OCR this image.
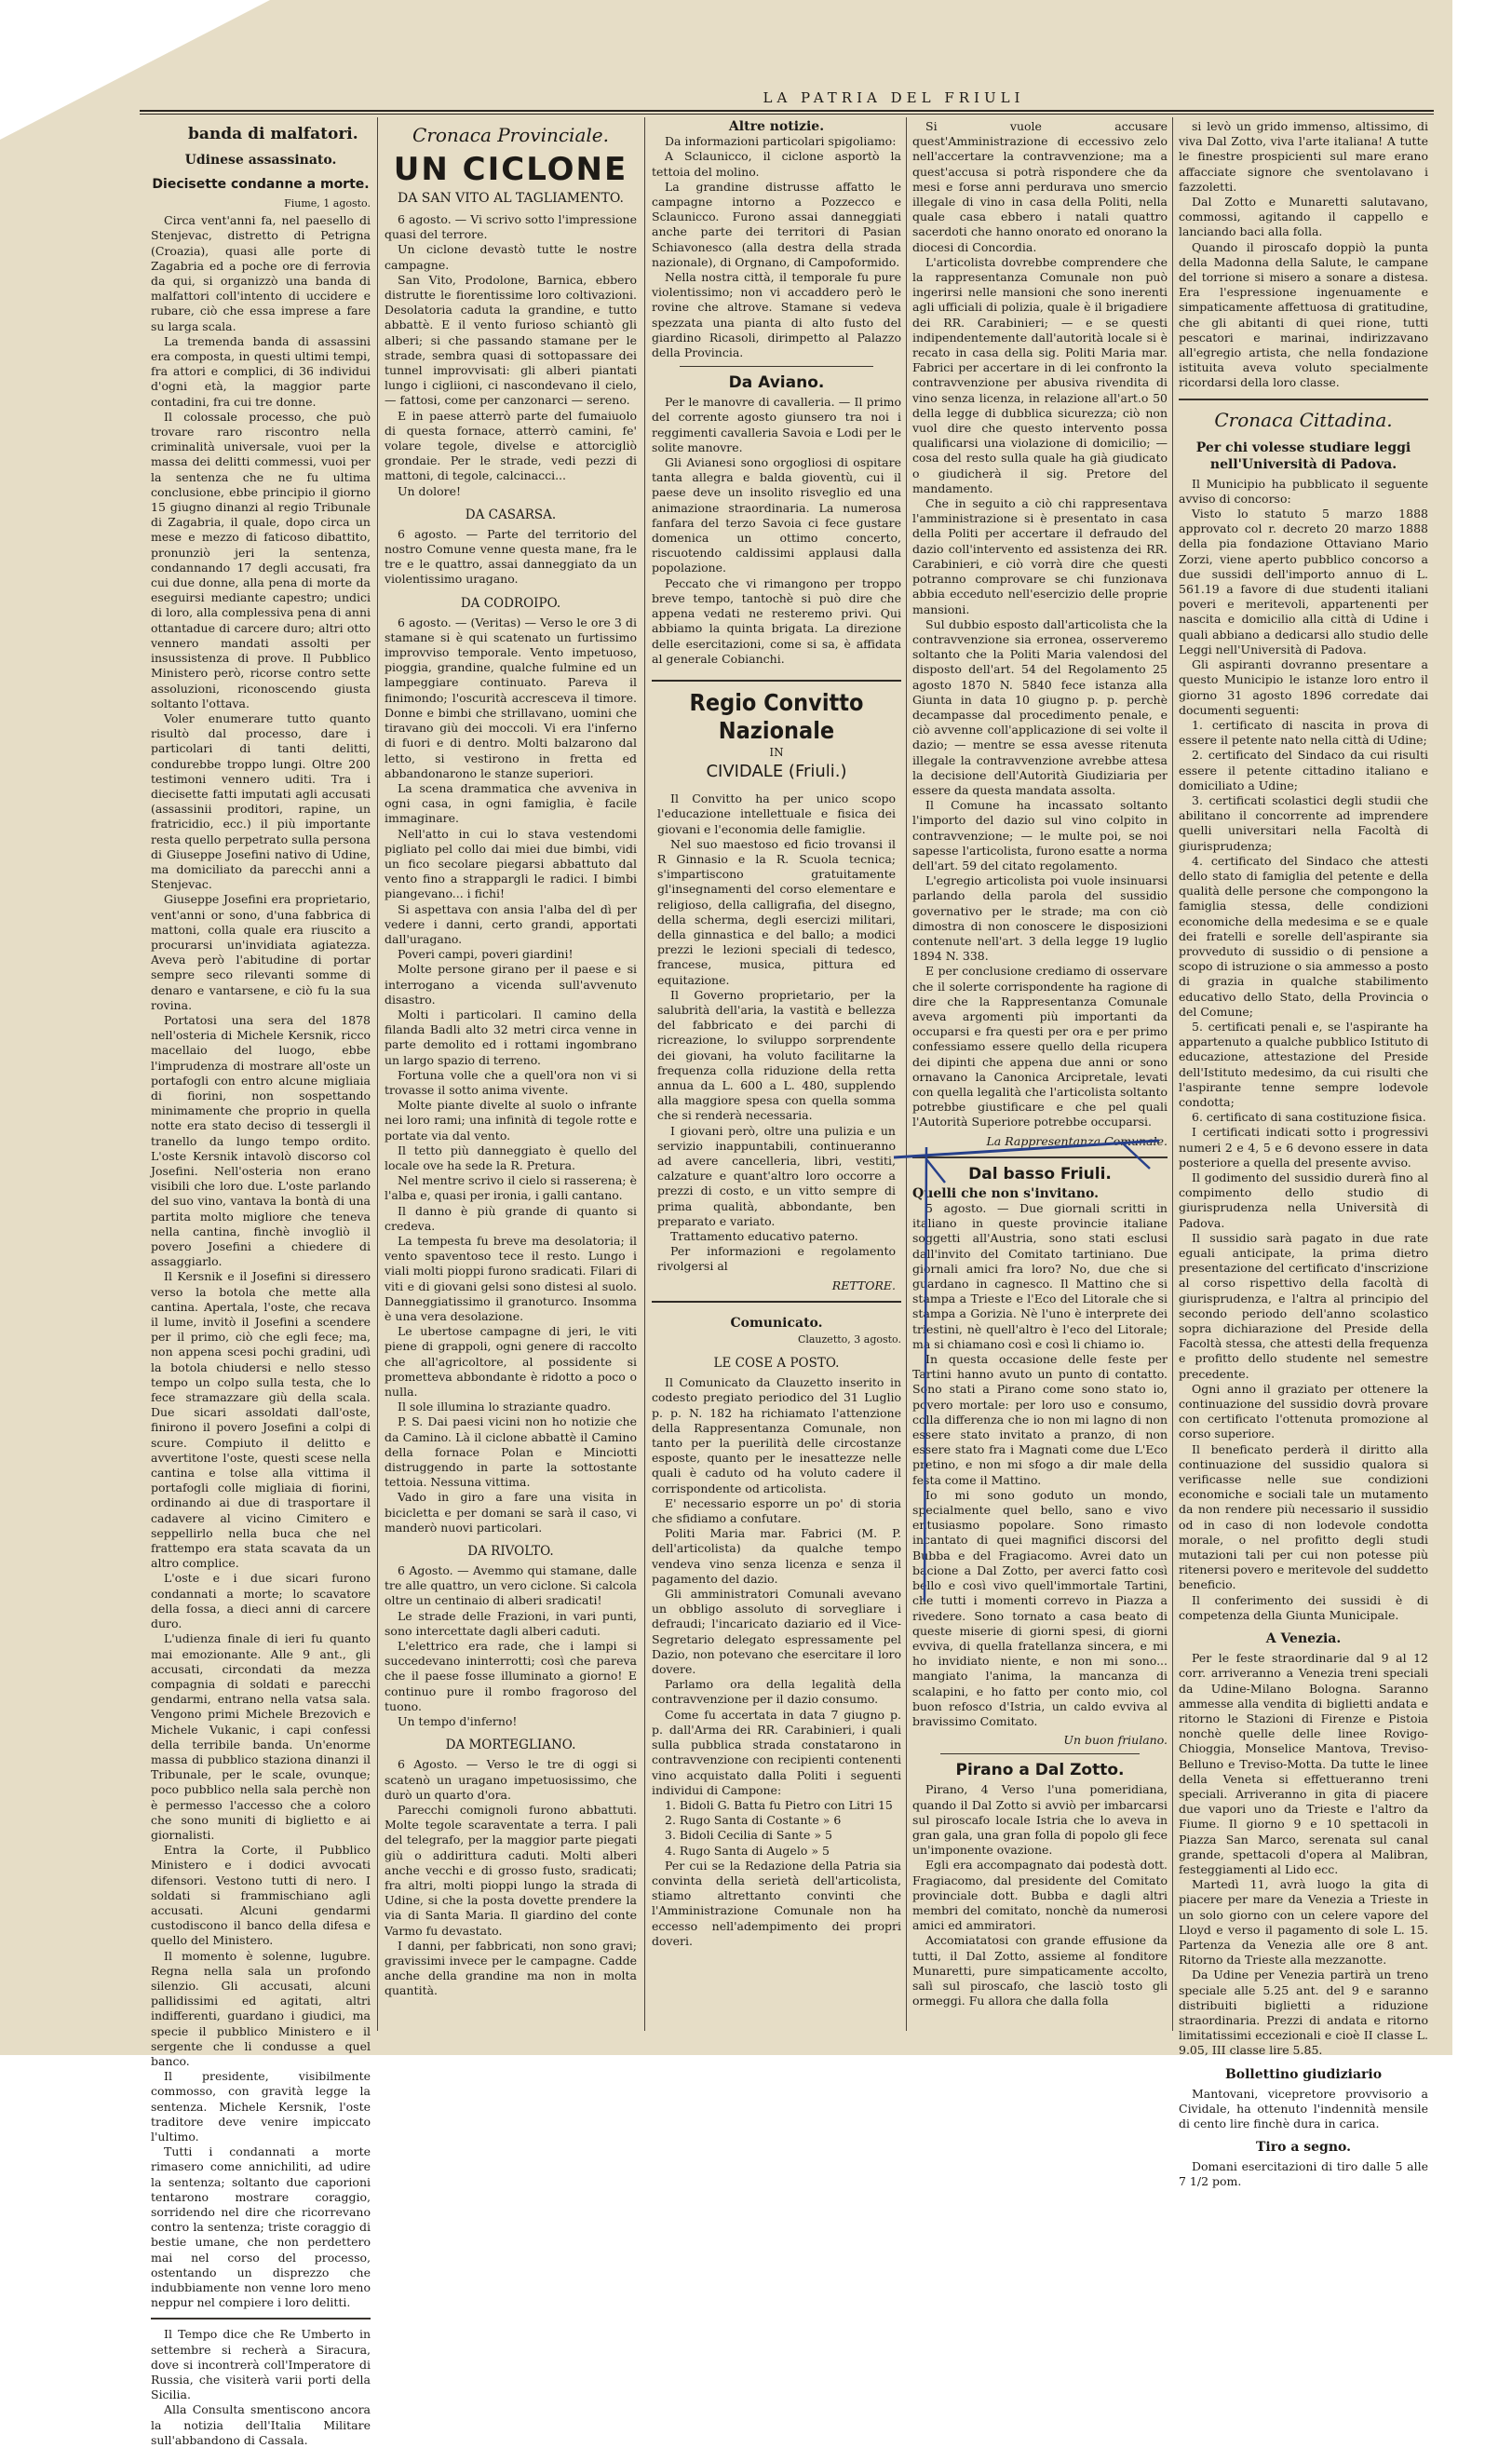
LA PATRIA DEL FRIULI
banda di malfatori.
Udinese assassinato.
Diecisette condanne a morte.

Fiume, 1 agosto.

Circa vent'anni fa, nel paesello di Stenjevac, distretto di Petrigna (Croazia), quasi alle porte di Zagabria ed a poche ore di ferrovia da qui, si organizzò una banda di malfattori coll'intento di uccidere e rubare, ciò che essa imprese a fare su larga scala.

La tremenda banda di assassini era composta, in questi ultimi tempi, fra attori e complici, di 36 individui d'ogni età, la maggior parte contadini, fra cui tre donne.

Il colossale processo, che può trovare raro riscontro nella criminalità universale, vuoi per la massa dei delitti commessi, vuoi per la sentenza che ne fu ultima conclusione, ebbe principio il giorno 15 giugno dinanzi al regio Tribunale di Zagabria, il quale, dopo circa un mese e mezzo di faticoso dibattito, pronunziò jeri la sentenza, condannando 17 degli accusati, fra cui due donne, alla pena di morte da eseguirsi mediante capestro; undici di loro, alla complessiva pena di anni ottantadue di carcere duro; altri otto vennero mandati assolti per insussistenza di prove. Il Pubblico Ministero però, ricorse contro sette assoluzioni, riconoscendo giusta soltanto l'ottava.

Voler enumerare tutto quanto risultò dal processo, dare i particolari di tanti delitti, condurebbe troppo lungi. Oltre 200 testimoni vennero uditi. Tra i diecisette fatti imputati agli accusati (assassinii proditori, rapine, un fratricidio, ecc.) il più importante resta quello perpetrato sulla persona di Giuseppe Josefini nativo di Udine, ma domiciliato da parecchi anni a Stenjevac.

Giuseppe Josefini era proprietario, vent'anni or sono, d'una fabbrica di mattoni, colla quale era riuscito a procurarsi un'invidiata agiatezza. Aveva però l'abitudine di portar sempre seco rilevanti somme di denaro e vantarsene, e ciò fu la sua rovina.

Portatosi una sera del 1878 nell'osteria di Michele Kersnik, ricco macellaio del luogo, ebbe l'imprudenza di mostrare all'oste un portafogli con entro alcune migliaia di fiorini, non sospettando minimamente che proprio in quella notte era stato deciso di tessergli il tranello da lungo tempo ordito. L'oste Kersnik intavolò discorso col Josefini. Nell'osteria non erano visibili che loro due. L'oste parlando del suo vino, vantava la bontà di una partita molto migliore che teneva nella cantina, finchè invogliò il povero Josefini a chiedere di assaggiarlo.

Il Kersnik e il Josefini si diressero verso la botola che mette alla cantina. Apertala, l'oste, che recava il lume, invitò il Josefini a scendere per il primo, ciò che egli fece; ma, non appena scesi pochi gradini, udì la botola chiudersi e nello stesso tempo un colpo sulla testa, che lo fece stramazzare giù della scala. Due sicari assoldati dall'oste, finirono il povero Josefini a colpi di scure. Compiuto il delitto e avvertitone l'oste, questi scese nella cantina e tolse alla vittima il portafogli colle migliaia di fiorini, ordinando ai due di trasportare il cadavere al vicino Cimitero e seppellirlo nella buca che nel frattempo era stata scavata da un altro complice.

L'oste e i due sicari furono condannati a morte; lo scavatore della fossa, a dieci anni di carcere duro.

L'udienza finale di ieri fu quanto mai emozionante. Alle 9 ant., gli accusati, circondati da mezza compagnia di soldati e parecchi gendarmi, entrano nella vatsa sala. Vengono primi Michele Brezovich e Michele Vukanic, i capi confessi della terribile banda. Un'enorme massa di pubblico staziona dinanzi il Tribunale, per le scale, ovunque; poco pubblico nella sala perchè non è permesso l'accesso che a coloro che sono muniti di biglietto e ai giornalisti.

Entra la Corte, il Pubblico Ministero e i dodici avvocati difensori. Vestono tutti di nero. I soldati si frammischiano agli accusati. Alcuni gendarmi custodiscono il banco della difesa e quello del Ministero.

Il momento è solenne, lugubre. Regna nella sala un profondo silenzio. Gli accusati, alcuni pallidissimi ed agitati, altri indifferenti, guardano i giudici, ma specie il pubblico Ministero e il sergente che li condusse a quel banco.

Il presidente, visibilmente commosso, con gravità legge la sentenza. Michele Kersnik, l'oste traditore deve venire impiccato l'ultimo.

Tutti i condannati a morte rimasero come annichiliti, ad udire la sentenza; soltanto due caporioni tentarono mostrare coraggio, sorridendo nel dire che ricorrevano contro la sentenza; triste coraggio di bestie umane, che non perdettero mai nel corso del processo, ostentando un disprezzo che indubbiamente non venne loro meno neppur nel compiere i loro delitti.

Il Tempo dice che Re Umberto in settembre si recherà a Siracura, dove si incontrerà coll'Imperatore di Russia, che visiterà varii porti della Sicilia.

Alla Consulta smentiscono ancora la notizia dell'Italia Militare sull'abbandono di Cassala.

Cronaca Provinciale.
UN CICLONE
DA SAN VITO AL TAGLIAMENTO.

6 agosto. — Vi scrivo sotto l'impressione quasi del terrore.

Un ciclone devastò tutte le nostre campagne.

San Vito, Prodolone, Barnica, ebbero distrutte le fiorentissime loro coltivazioni. Desolatoria caduta la grandine, e tutto abbattè. E il vento furioso schiantò gli alberi; si che passando stamane per le strade, sembra quasi di sottopassare dei tunnel improvvisati: gli alberi piantati lungo i cigliioni, ci nascondevano il cielo, — fattosi, come per canzonarci — sereno.

E in paese atterrò parte del fumaiuolo di questa fornace, atterrò camini, fe' volare tegole, divelse e attorcigliò grondaie. Per le strade, vedi pezzi di mattoni, di tegole, calcinacci...

Un dolore!

DA CASARSA.

6 agosto. — Parte del territorio del nostro Comune venne questa mane, fra le tre e le quattro, assai danneggiato da un violentissimo uragano.

DA CODROIPO.

6 agosto. — (Veritas) — Verso le ore 3 di stamane si è qui scatenato un furtissimo improvviso temporale. Vento impetuoso, pioggia, grandine, qualche fulmine ed un lampeggiare continuato. Pareva il finimondo; l'oscurità accresceva il timore. Donne e bimbi che strillavano, uomini che tiravano giù dei moccoli. Vi era l'inferno di fuori e di dentro. Molti balzarono dal letto, si vestirono in fretta ed abbandonarono le stanze superiori.

La scena drammatica che avveniva in ogni casa, in ogni famiglia, è facile immaginare.

Nell'atto in cui lo stava vestendomi pigliato pel collo dai miei due bimbi, vidi un fico secolare piegarsi abbattuto dal vento fino a strappargli le radici. I bimbi piangevano... i fichi!

Si aspettava con ansia l'alba del dì per vedere i danni, certo grandi, apportati dall'uragano.

Poveri campi, poveri giardini!

Molte persone girano per il paese e si interrogano a vicenda sull'avvenuto disastro.

Molti i particolari. Il camino della filanda Badli alto 32 metri circa venne in parte demolito ed i rottami ingombrano un largo spazio di terreno.

Fortuna volle che a quell'ora non vi si trovasse il sotto anima vivente.

Molte piante divelte al suolo o infrante nei loro rami; una infinità di tegole rotte e portate via dal vento.

Il tetto più danneggiato è quello del locale ove ha sede la R. Pretura.

Nel mentre scrivo il cielo si rasserena; è l'alba e, quasi per ironia, i galli cantano.

Il danno è più grande di quanto si credeva.

La tempesta fu breve ma desolatoria; il vento spaventoso tece il resto. Lungo i viali molti pioppi furono sradicati. Filari di viti e di giovani gelsi sono distesi al suolo. Danneggiatissimo il granoturco. Insomma è una vera desolazione.

Le ubertose campagne di jeri, le viti piene di grappoli, ogni genere di raccolto che all'agricoltore, al possidente si prometteva abbondante è ridotto a poco o nulla.

Il sole illumina lo straziante quadro.

P. S. Dai paesi vicini non ho notizie che da Camino. Là il ciclone abbattè il Camino della fornace Polan e Minciotti distruggendo in parte la sottostante tettoia. Nessuna vittima.

Vado in giro a fare una visita in bicicletta e per domani se sarà il caso, vi manderò nuovi particolari.

DA RIVOLTO.

6 Agosto. — Avemmo qui stamane, dalle tre alle quattro, un vero ciclone. Si calcola oltre un centinaio di alberi sradicati!

Le strade delle Frazioni, in vari punti, sono intercettate dagli alberi caduti.

L'elettrico era rade, che i lampi si succedevano ininterrotti; così che pareva che il paese fosse illuminato a giorno! E continuo pure il rombo fragoroso del tuono.

Un tempo d'inferno!

DA MORTEGLIANO.

6 Agosto. — Verso le tre di oggi si scatenò un uragano impetuosissimo, che durò un quarto d'ora.

Parecchi comignoli furono abbattuti. Molte tegole scaraventate a terra. I pali del telegrafo, per la maggior parte piegati giù o addirittura caduti. Molti alberi anche vecchi e di grosso fusto, sradicati; fra altri, molti pioppi lungo la strada di Udine, si che la posta dovette prendere la via di Santa Maria. Il giardino del conte Varmo fu devastato.

I danni, per fabbricati, non sono gravi; gravissimi invece per le campagne. Cadde anche della grandine ma non in molta quantità.

Altre notizie.

Da informazioni particolari spigoliamo:

A Sclaunicco, il ciclone asportò la tettoia del molino.

La grandine distrusse affatto le campagne intorno a Pozzecco e Sclaunicco. Furono assai danneggiati anche parte dei territori di Pasian Schiavonesco (alla destra della strada nazionale), di Orgnano, di Campoformido.

Nella nostra città, il temporale fu pure violentissimo; non vi accaddero però le rovine che altrove. Stamane si vedeva spezzata una pianta di alto fusto del giardino Ricasoli, dirimpetto al Palazzo della Provincia.

Da Aviano.

Per le manovre di cavalleria. — Il primo del corrente agosto giunsero tra noi i reggimenti cavalleria Savoia e Lodi per le solite manovre.

Gli Avianesi sono orgogliosi di ospitare tanta allegra e balda gioventù, cui il paese deve un insolito risveglio ed una animazione straordinaria. La numerosa fanfara del terzo Savoia ci fece gustare domenica un ottimo concerto, riscuotendo caldissimi applausi dalla popolazione.

Peccato che vi rimangono per troppo breve tempo, tantochè si può dire che appena vedati ne resteremo privi. Qui abbiamo la quinta brigata. La direzione delle esercitazioni, come si sa, è affidata al generale Cobianchi.

Regio Convitto Nazionale
IN
CIVIDALE (Friuli.)

Il Convitto ha per unico scopo l'educazione intellettuale e fisica dei giovani e l'economia delle famiglie.

Nel suo maestoso ed ficio trovansi il R Ginnasio e la R. Scuola tecnica; s'impartiscono gratuitamente gl'insegnamenti del corso elementare e religioso, della calligrafia, del disegno, della scherma, degli esercizi militari, della ginnastica e del ballo; a modici prezzi le lezioni speciali di tedesco, francese, musica, pittura ed equitazione.

Il Governo proprietario, per la salubrità dell'aria, la vastità e bellezza del fabbricato e dei parchi di ricreazione, lo sviluppo sorprendente dei giovani, ha voluto facilitarne la frequenza colla riduzione della retta annua da L. 600 a L. 480, supplendo alla maggiore spesa con quella somma che si renderà necessaria.

I giovani però, oltre una pulizia e un servizio inappuntabili, continueranno ad avere cancelleria, libri, vestiti, calzature e quant'altro loro occorre a prezzi di costo, e un vitto sempre di prima qualità, abbondante, ben preparato e variato.

Trattamento educativo paterno.

Per informazioni e regolamento rivolgersi al

RETTORE.

Comunicato.

Clauzetto, 3 agosto.

LE COSE A POSTO.

Il Comunicato da Clauzetto inserito in codesto pregiato periodico del 31 Luglio p. p. N. 182 ha richiamato l'attenzione della Rappresentanza Comunale, non tanto per la puerilità delle circostanze esposte, quanto per le inesattezze nelle quali è caduto od ha voluto cadere il corrispondente od articolista.

E' necessario esporre un po' di storia che sfidiamo a confutare.

Politi Maria mar. Fabrici (M. P. dell'articolista) da qualche tempo vendeva vino senza licenza e senza il pagamento del dazio.

Gli amministratori Comunali avevano un obbligo assoluto di sorvegliare i defraudi; l'incaricato daziario ed il Vice-Segretario delegato espressamente pel Dazio, non potevano che esercitare il loro dovere.

Parlamo ora della legalità della contravvenzione per il dazio consumo.

Come fu accertata in data 7 giugno p. p. dall'Arma dei RR. Carabinieri, i quali sulla pubblica strada constatarono in contravvenzione con recipienti contenenti vino acquistato dalla Politi i seguenti individui di Campone:

1. Bidoli G. Batta fu Pietro con Litri 15

2. Rugo Santa di Costante » 6

3. Bidoli Cecilia di Sante » 5

4. Rugo Santa di Augelo » 5

Per cui se la Redazione della Patria sia convinta della serietà dell'articolista, stiamo altrettanto convinti che l'Amministrazione Comunale non ha eccesso nell'adempimento dei propri doveri.

Si vuole accusare quest'Amministrazione di eccessivo zelo nell'accertare la contravvenzione; ma a quest'accusa si potrà rispondere che da mesi e forse anni perdurava uno smercio illegale di vino in casa della Politi, nella quale casa ebbero i natali quattro sacerdoti che hanno onorato ed onorano la diocesi di Concordia.

L'articolista dovrebbe comprendere che la rappresentanza Comunale non può ingerirsi nelle mansioni che sono inerenti agli ufficiali di polizia, quale è il brigadiere dei RR. Carabinieri; — e se questi indipendentemente dall'autorità locale si è recato in casa della sig. Politi Maria mar. Fabrici per accertare in di lei confronto la contravvenzione per abusiva rivendita di vino senza licenza, in relazione all'art.o 50 della legge di dubblica sicurezza; ciò non vuol dire che questo intervento possa qualificarsi una violazione di domicilio; — cosa del resto sulla quale ha già giudicato o giudicherà il sig. Pretore del mandamento.

Che in seguito a ciò chi rappresentava l'amministrazione si è presentato in casa della Politi per accertare il defraudo del dazio coll'intervento ed assistenza dei RR. Carabinieri, e ciò vorrà dire che questi potranno comprovare se chi funzionava abbia ecceduto nell'esercizio delle proprie mansioni.

Sul dubbio esposto dall'articolista che la contravvenzione sia erronea, osserveremo soltanto che la Politi Maria valendosi del disposto dell'art. 54 del Regolamento 25 agosto 1870 N. 5840 fece istanza alla Giunta in data 10 giugno p. p. perchè decampasse dal procedimento penale, e ciò avvenne coll'applicazione di sei volte il dazio; — mentre se essa avesse ritenuta illegale la contravvenzione avrebbe attesa la decisione dell'Autorità Giudiziaria per essere da questa mandata assolta.

Il Comune ha incassato soltanto l'importo del dazio sul vino colpito in contravvenzione; — le multe poi, se noi sapesse l'articolista, furono esatte a norma dell'art. 59 del citato regolamento.

L'egregio articolista poi vuole insinuarsi parlando della parola del sussidio governativo per le strade; ma con ciò dimostra di non conoscere le disposizioni contenute nell'art. 3 della legge 19 luglio 1894 N. 338.

E per conclusione crediamo di osservare che il solerte corrispondente ha ragione di dire che la Rappresentanza Comunale aveva argomenti più importanti da occuparsi e fra questi per ora e per primo confessiamo essere quello della ricupera dei dipinti che appena due anni or sono ornavano la Canonica Arcipretale, levati con quella legalità che l'articolista soltanto potrebbe giustificare e che pel quali l'Autorità Superiore potrebbe occuparsi.

La Rappresentanza Comunale.

Dal basso Friuli.
Quelli che non s'invitano.

5 agosto. — Due giornali scritti in italiano in queste provincie italiane soggetti all'Austria, sono stati esclusi dall'invito del Comitato tartiniano. Due giornali amici fra loro? No, due che si guardano in cagnesco. Il Mattino che si stampa a Trieste e l'Eco del Litorale che si stampa a Gorizia. Nè l'uno è interprete dei triestini, nè quell'altro è l'eco del Litorale; ma si chiamano così e così li chiamo io.

In questa occasione delle feste per Tartini hanno avuto un punto di contatto. Sono stati a Pirano come sono stato io, povero mortale: per loro uso e consumo, colla differenza che io non mi lagno di non essere stato invitato a pranzo, di non essere stato fra i Magnati come due L'Eco pretino, e non mi sfogo a dir male della festa come il Mattino.

Io mi sono goduto un mondo, specialmente quel bello, sano e vivo entusiasmo popolare. Sono rimasto incantato di quei magnifici discorsi del Bubba e del Fragiacomo. Avrei dato un bacione a Dal Zotto, per averci fatto così bello e così vivo quell'immortale Tartini, che tutti i momenti correvo in Piazza a rivedere. Sono tornato a casa beato di queste miserie di giorni spesi, di giorni evviva, di quella fratellanza sincera, e mi ho invidiato niente, e non mi sono... mangiato l'anima, la mancanza di scalapini, e ho fatto per conto mio, col buon refosco d'Istria, un caldo evviva al bravissimo Comitato.

Un buon friulano.

Pirano a Dal Zotto.

Pirano, 4 Verso l'una pomeridiana, quando il Dal Zotto si avviò per imbarcarsi sul piroscafo locale Istria che lo aveva in gran gala, una gran folla di popolo gli fece un'imponente ovazione.

Egli era accompagnato dai podestà dott. Fragiacomo, dal presidente del Comitato provinciale dott. Bubba e dagli altri membri del comitato, nonchè da numerosi amici ed ammiratori.

Accomiatatosi con grande effusione da tutti, il Dal Zotto, assieme al fonditore Munaretti, pure simpaticamente accolto, salì sul piroscafo, che lasciò tosto gli ormeggi. Fu allora che dalla folla

si levò un grido immenso, altissimo, di viva Dal Zotto, viva l'arte italiana! A tutte le finestre prospicienti sul mare erano affacciate signore che sventolavano i fazzoletti.

Dal Zotto e Munaretti salutavano, commossi, agitando il cappello e lanciando baci alla folla.

Quando il piroscafo doppiò la punta della Madonna della Salute, le campane del torrione si misero a sonare a distesa. Era l'espressione ingenuamente e simpaticamente affettuosa di gratitudine, che gli abitanti di quei rione, tutti pescatori e marinai, indirizzavano all'egregio artista, che nella fondazione istituita aveva voluto specialmente ricordarsi della loro classe.

Cronaca Cittadina.
Per chi volesse studiare leggi nell'Università di Padova.

Il Municipio ha pubblicato il seguente avviso di concorso:

Visto lo statuto 5 marzo 1888 approvato col r. decreto 20 marzo 1888 della pia fondazione Ottaviano Mario Zorzi, viene aperto pubblico concorso a due sussidi dell'importo annuo di L. 561.19 a favore di due studenti italiani poveri e meritevoli, appartenenti per nascita e domicilio alla città di Udine i quali abbiano a dedicarsi allo studio delle Leggi nell'Università di Padova.

Gli aspiranti dovranno presentare a questo Municipio le istanze loro entro il giorno 31 agosto 1896 corredate dai documenti seguenti:

1. certificato di nascita in prova di essere il petente nato nella città di Udine;

2. certificato del Sindaco da cui risulti essere il petente cittadino italiano e domiciliato a Udine;

3. certificati scolastici degli studii che abilitano il concorrente ad imprendere quelli universitari nella Facoltà di giurisprudenza;

4. certificato del Sindaco che attesti dello stato di famiglia del petente e della qualità delle persone che compongono la famiglia stessa, delle condizioni economiche della medesima e se e quale dei fratelli e sorelle dell'aspirante sia provveduto di sussidio o di pensione a scopo di istruzione o sia ammesso a posto di grazia in qualche stabilimento educativo dello Stato, della Provincia o del Comune;

5. certificati penali e, se l'aspirante ha appartenuto a qualche pubblico Istituto di educazione, attestazione del Preside dell'Istituto medesimo, da cui risulti che l'aspirante tenne sempre lodevole condotta;

6. certificato di sana costituzione fisica.

I certificati indicati sotto i progressivi numeri 2 e 4, 5 e 6 devono essere in data posteriore a quella del presente avviso.

Il godimento del sussidio durerà fino al compimento dello studio di giurisprudenza nella Università di Padova.

Il sussidio sarà pagato in due rate eguali anticipate, la prima dietro presentazione del certificato d'inscrizione al corso rispettivo della facoltà di giurisprudenza, e l'altra al principio del secondo periodo dell'anno scolastico sopra dichiarazione del Preside della Facoltà stessa, che attesti della frequenza e profitto dello studente nel semestre precedente.

Ogni anno il graziato per ottenere la continuazione del sussidio dovrà provare con certificato l'ottenuta promozione al corso superiore.

Il beneficato perderà il diritto alla continuazione del sussidio qualora si verificasse nelle sue condizioni economiche e sociali tale un mutamento da non rendere più necessario il sussidio od in caso di non lodevole condotta morale, o nel profitto degli studi mutazioni tali per cui non potesse più ritenersi povero e meritevole del suddetto beneficio.

Il conferimento dei sussidi è di competenza della Giunta Municipale.

A Venezia.

Per le feste straordinarie dal 9 al 12 corr. arriveranno a Venezia treni speciali da Udine-Milano Bologna. Saranno ammesse alla vendita di biglietti andata e ritorno le Stazioni di Firenze e Pistoia nonchè quelle delle linee Rovigo-Chioggia, Monselice Mantova, Treviso-Belluno e Treviso-Motta. Da tutte le linee della Veneta si effettueranno treni speciali. Arriveranno in gita di piacere due vapori uno da Trieste e l'altro da Fiume. Il giorno 9 e 10 spettacoli in Piazza San Marco, serenata sul canal grande, spettacoli d'opera al Malibran, festeggiamenti al Lido ecc.

Martedì 11, avrà luogo la gita di piacere per mare da Venezia a Trieste in un solo giorno con un celere vapore del Lloyd e verso il pagamento di sole L. 15. Partenza da Venezia alle ore 8 ant. Ritorno da Trieste alla mezzanotte.

Da Udine per Venezia partirà un treno speciale alle 5.25 ant. del 9 e saranno distribuiti biglietti a riduzione straordinaria. Prezzi di andata e ritorno limitatissimi eccezionali e cioè II classe L. 9.05, III classe lire 5.85.

Bollettino giudiziario

Mantovani, vicepretore provvisorio a Cividale, ha ottenuto l'indennità mensile di cento lire finchè dura in carica.

Tiro a segno.

Domani esercitazioni di tiro dalle 5 alle 7 1/2 pom.
